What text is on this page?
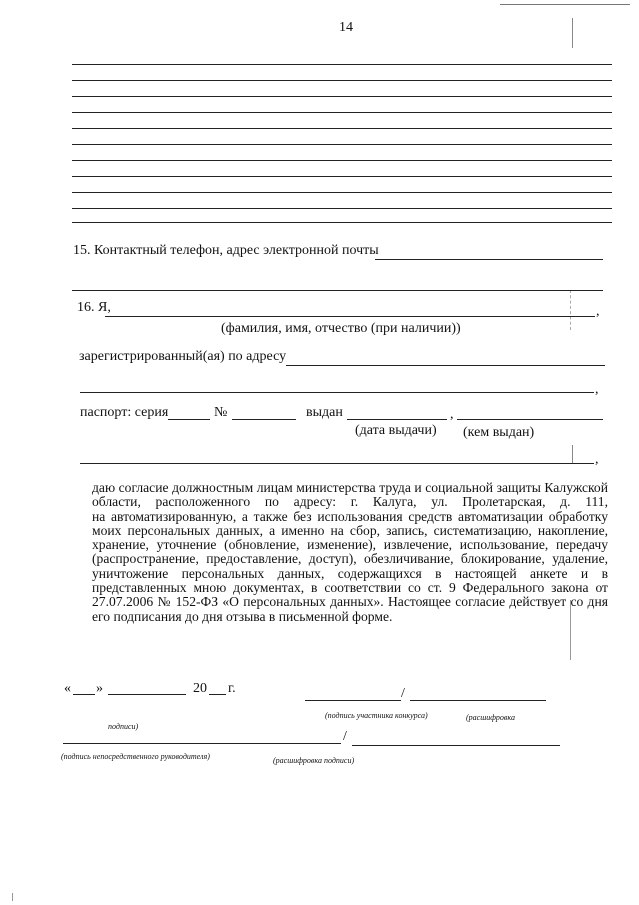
14
15. Контактный телефон, адрес электронной почты
16. Я,	,
(фамилия, имя, отчество (при наличии))
зарегистрированный(ая) по адресу
,
паспорт: серия	№	выдан	,
(дата выдачи) (кем выдан)
,
даю согласие должностным лицам министерства труда и социальной защиты Калужской
области, расположенного по адресу: г. Калуга, ул. Пролетарская, д. 111,
на автоматизированную, а также без использования средств автоматизации обработку
моих персональных данных, а именно на сбор, запись, систематизацию, накопление,
хранение, уточнение (обновление, изменение), извлечение, использование, передачу
(распространение, предоставление, доступ), обезличивание, блокирование, удаление,
уничтожение персональных данных, содержащихся в настоящей анкете и в
представленных мною документах, в соответствии со ст. 9 Федерального закона от
27.07.2006 № 152-ФЗ «О персональных данных». Настоящее согласие действует со дня
его подписания до дня отзыва в письменной форме.
« »	20 г.	/
(подпись участника конкурса)	(расшифровка
подписи)
/
(подпись непосредственного руководителя)	(расшифровка подписи)
